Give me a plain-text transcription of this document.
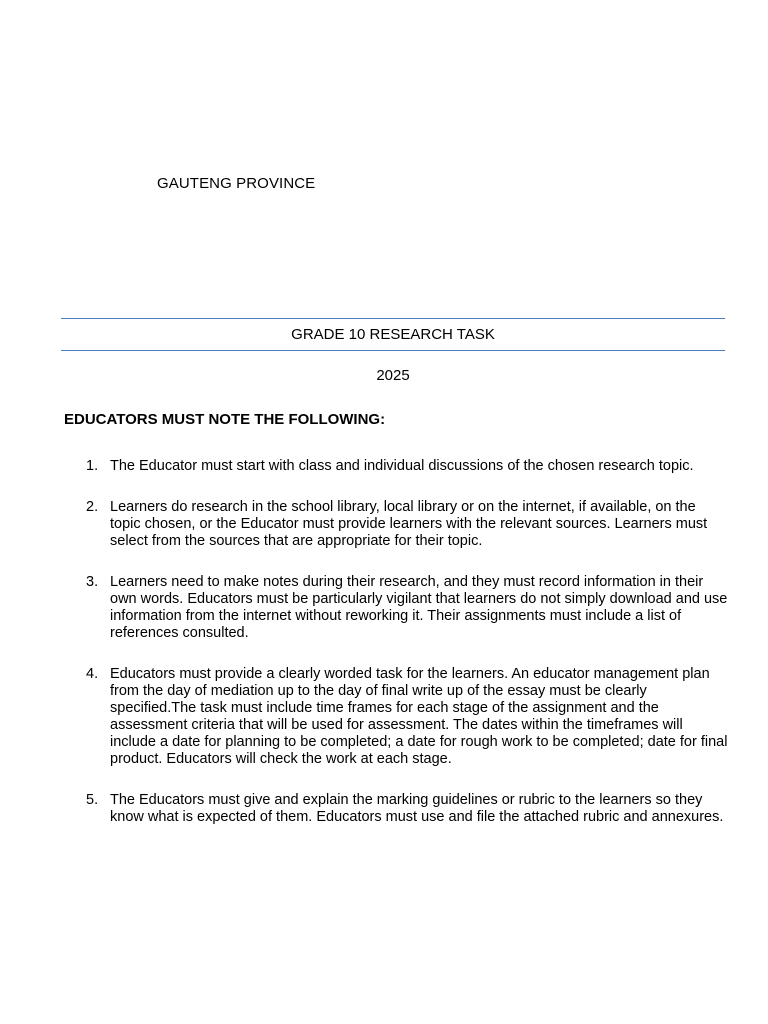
GAUTENG PROVINCE
GRADE 10 RESEARCH TASK
2025
EDUCATORS MUST NOTE THE FOLLOWING:
1. The Educator must start with class and individual discussions of the chosen research topic.
2. Learners do research in the school library, local library or on the internet, if available, on the topic chosen, or the Educator must provide learners with the relevant sources. Learners must select from the sources that are appropriate for their topic.
3. Learners need to make notes during their research, and they must record information in their own words. Educators must be particularly vigilant that learners do not simply download and use information from the internet without reworking it. Their assignments must include a list of references consulted.
4. Educators must provide a clearly worded task for the learners. An educator management plan from the day of mediation up to the day of final write up of the essay must be clearly specified.The task must include time frames for each stage of the assignment and the assessment criteria that will be used for assessment. The dates within the timeframes will include a date for planning to be completed; a date for rough work to be completed; date for final product. Educators will check the work at each stage.
5. The Educators must give and explain the marking guidelines or rubric to the learners so they know what is expected of them. Educators must use and file the attached rubric and annexures.
